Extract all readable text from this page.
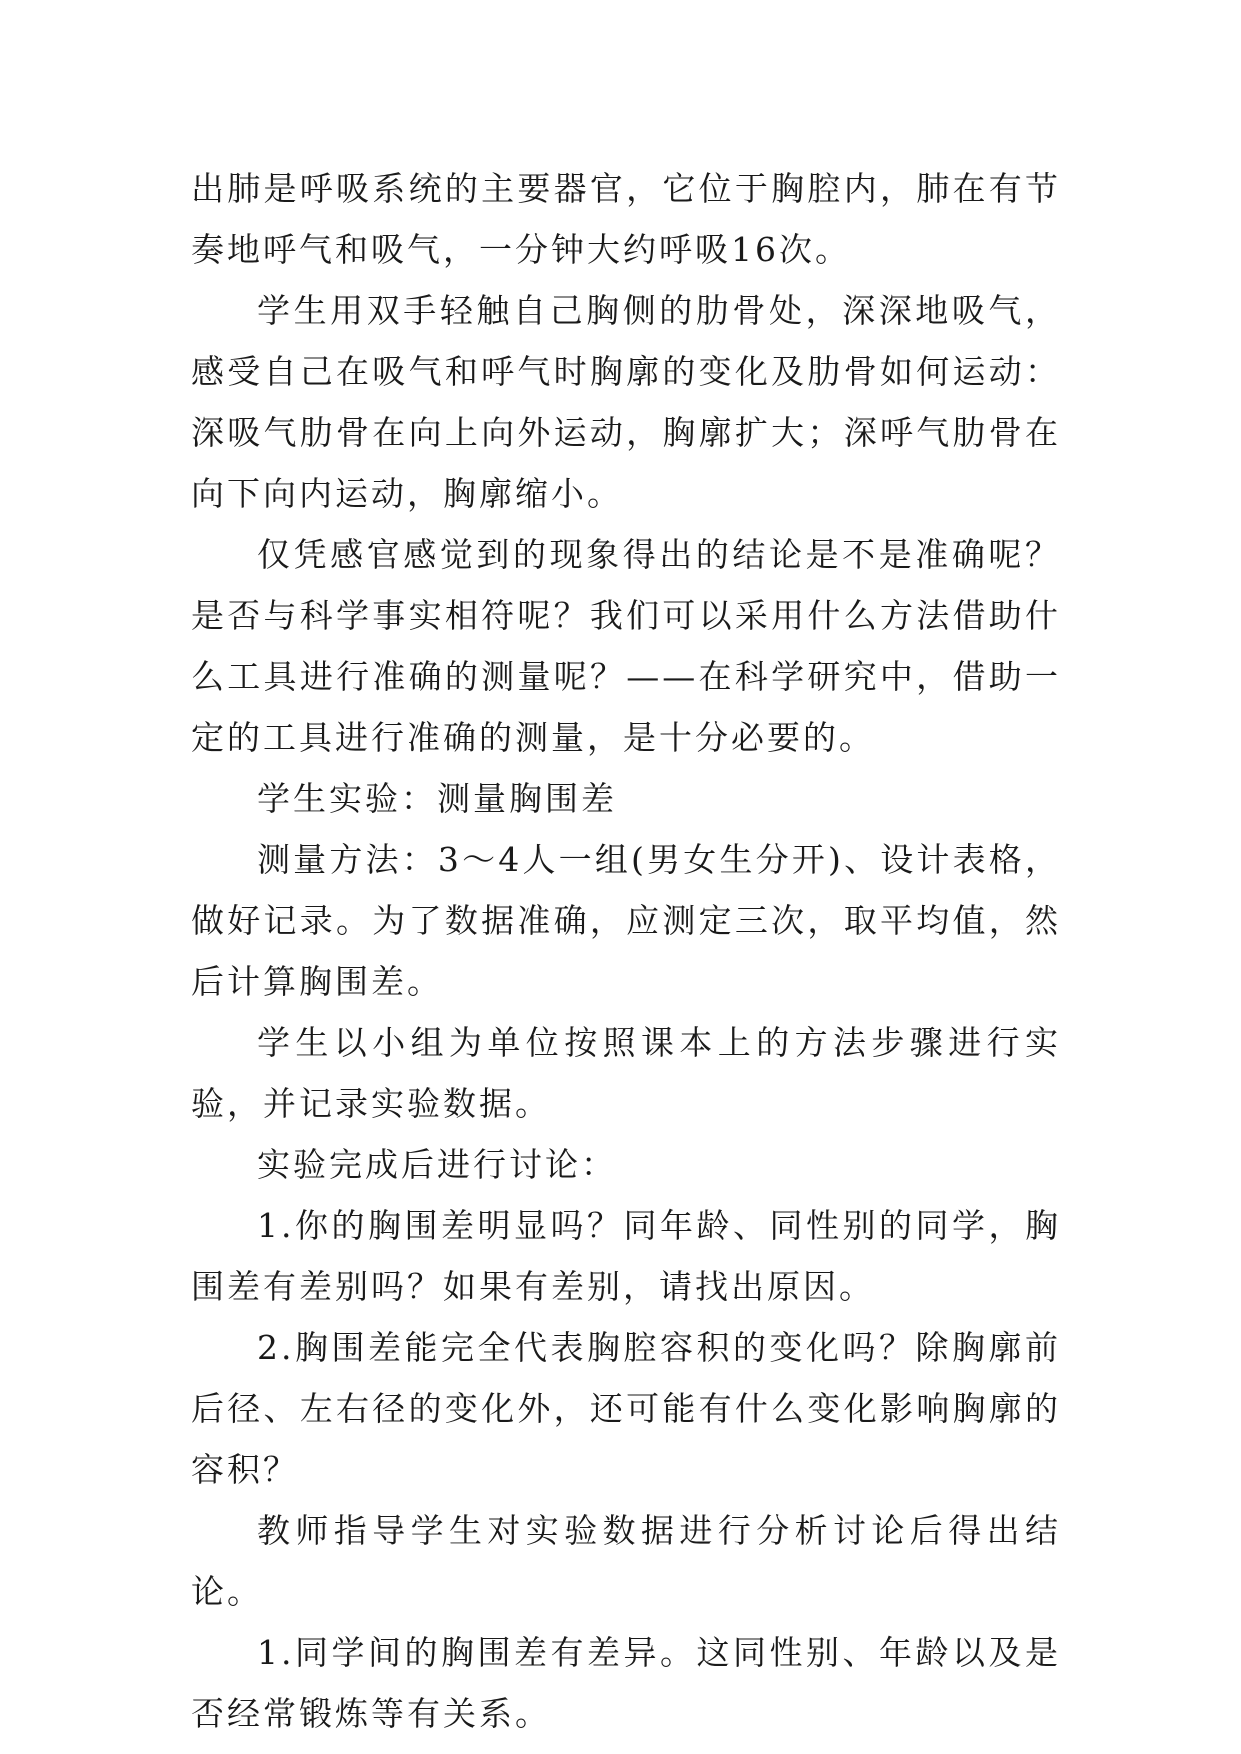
出肺是呼吸系统的主要器官，它位于胸腔内，肺在有节奏地呼气和吸气，一分钟大约呼吸16次。

学生用双手轻触自己胸侧的肋骨处，深深地吸气，感受自己在吸气和呼气时胸廓的变化及肋骨如何运动：深吸气肋骨在向上向外运动，胸廓扩大；深呼气肋骨在向下向内运动，胸廓缩小。

仅凭感官感觉到的现象得出的结论是不是准确呢？是否与科学事实相符呢？我们可以采用什么方法借助什么工具进行准确的测量呢？——在科学研究中，借助一定的工具进行准确的测量，是十分必要的。

学生实验：测量胸围差

测量方法：3～4人一组(男女生分开)、设计表格，做好记录。为了数据准确，应测定三次，取平均值，然后计算胸围差。

学生以小组为单位按照课本上的方法步骤进行实验，并记录实验数据。

实验完成后进行讨论：

1.你的胸围差明显吗？同年龄、同性别的同学，胸围差有差别吗？如果有差别，请找出原因。

2.胸围差能完全代表胸腔容积的变化吗？除胸廓前后径、左右径的变化外，还可能有什么变化影响胸廓的容积？

教师指导学生对实验数据进行分析讨论后得出结论。

1.同学间的胸围差有差异。这同性别、年龄以及是否经常锻炼等有关系。
